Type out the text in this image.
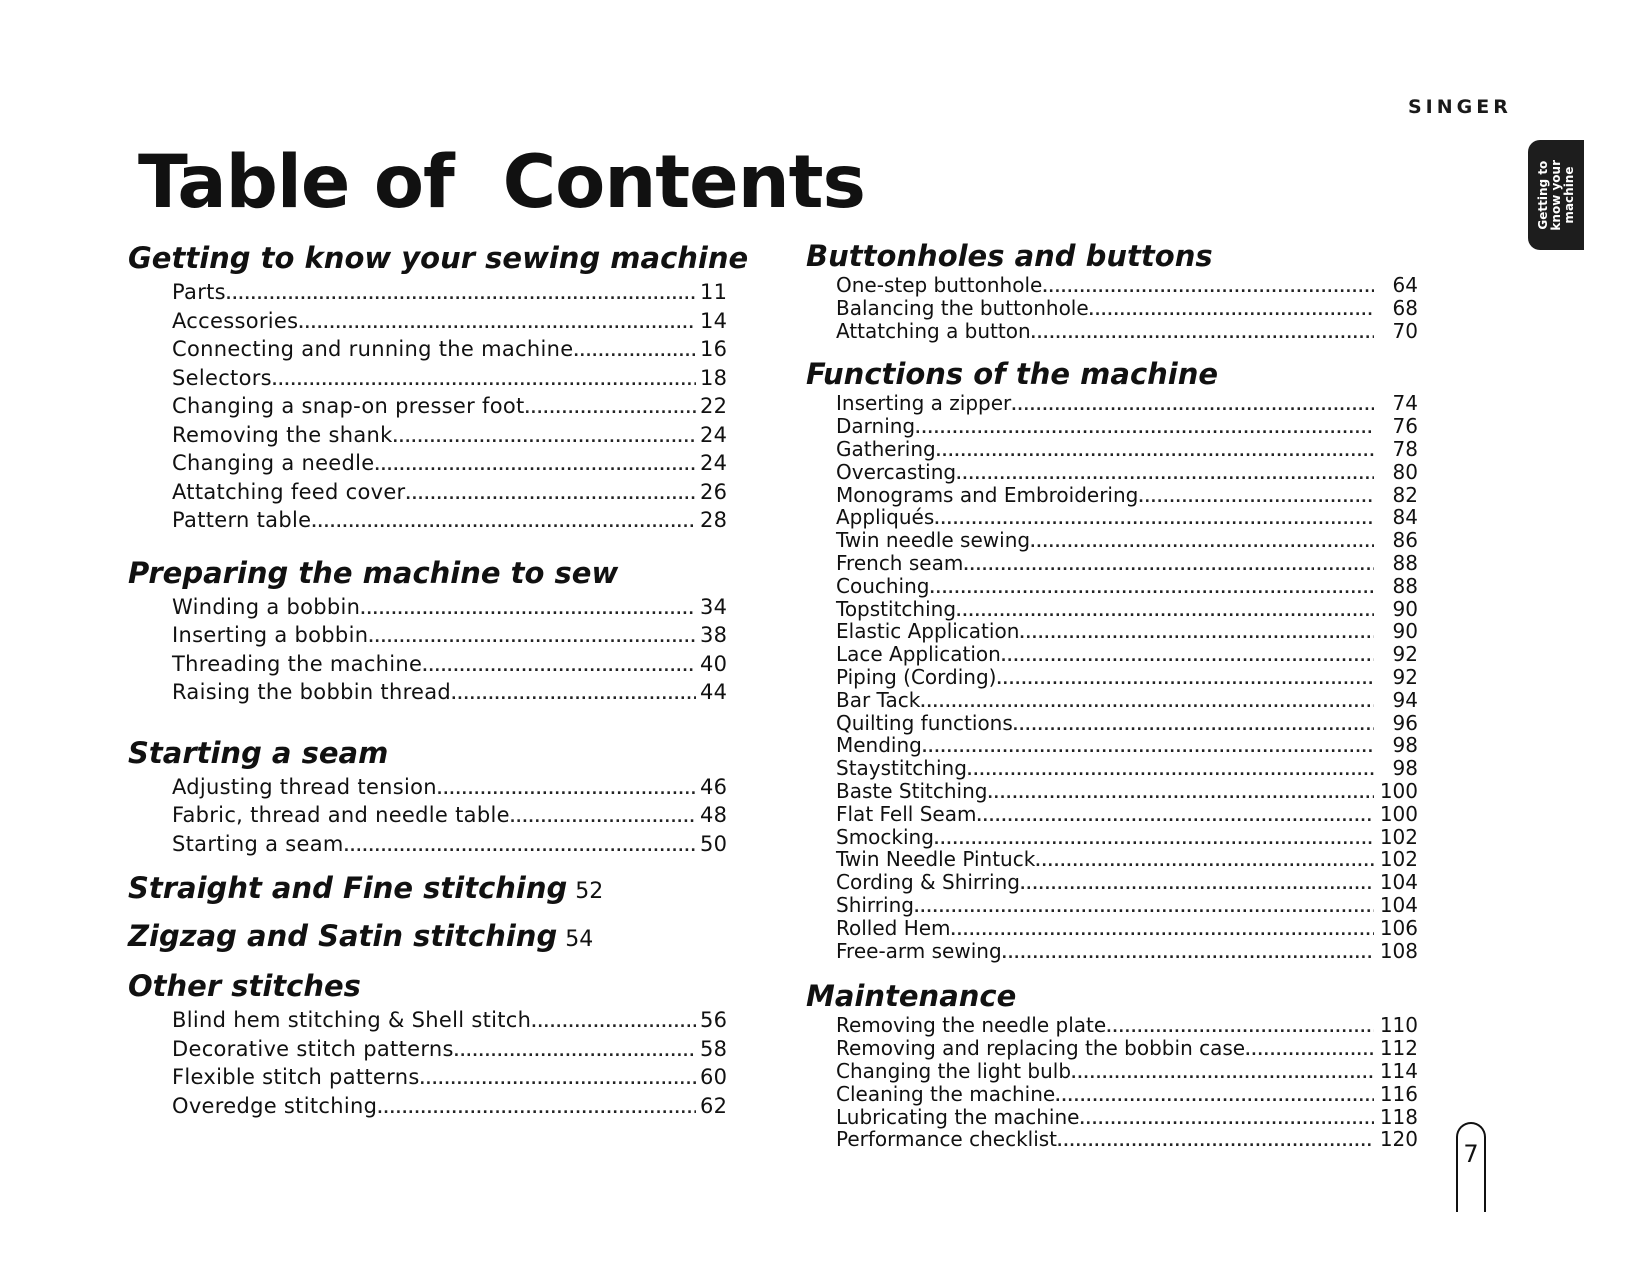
SINGER
Getting to
know your
machine
Table of  Contents
Getting to know your sewing machine
Parts . . .	11
Accessories . . .	14
Connecting and running the machine . . .	16
Selectors . . .	18
Changing a snap-on presser foot . . .	22
Removing the shank . . .	24
Changing a needle . . .	24
Attatching feed cover . . .	26
Pattern table . . .	28
Preparing the machine to sew
Winding a bobbin . . .	34
Inserting a bobbin . . .	38
Threading the machine . . .	40
Raising the bobbin thread . . .	44
Starting a seam
Adjusting thread tension . . .	46
Fabric, thread and needle table . . .	48
Starting a seam . . .	50
Straight and Fine stitching 52
Zigzag and Satin stitching 54
Other stitches
Blind hem stitching & Shell stitch . . .	56
Decorative stitch patterns . . .	58
Flexible stitch patterns . . .	60
Overedge stitching . . .	62
Buttonholes and buttons
One-step buttonhole . . .	64
Balancing the buttonhole . . .	68
Attatching a button . . .	70
Functions of the machine
Inserting a zipper . . .	74
Darning . . .	76
Gathering . . .	78
Overcasting . . .	80
Monograms and Embroidering . . .	82
Appliqués . . .	84
Twin needle sewing . . .	86
French seam . . .	88
Couching . . .	88
Topstitching . . .	90
Elastic Application . . .	90
Lace Application . . .	92
Piping (Cording) . . .	92
Bar Tack . . .	94
Quilting functions . . .	96
Mending . . .	98
Staystitching . . .	98
Baste Stitching . . .	100
Flat Fell Seam . . .	100
Smocking . . .	102
Twin Needle Pintuck . . .	102
Cording & Shirring . . .	104
Shirring . . .	104
Rolled Hem . . .	106
Free-arm sewing . . .	108
Maintenance
Removing the needle plate . . .	110
Removing and replacing the bobbin case . . .	112
Changing the light bulb . . .	114
Cleaning the machine . . .	116
Lubricating the machine . . .	118
Performance checklist . . .	120
7
